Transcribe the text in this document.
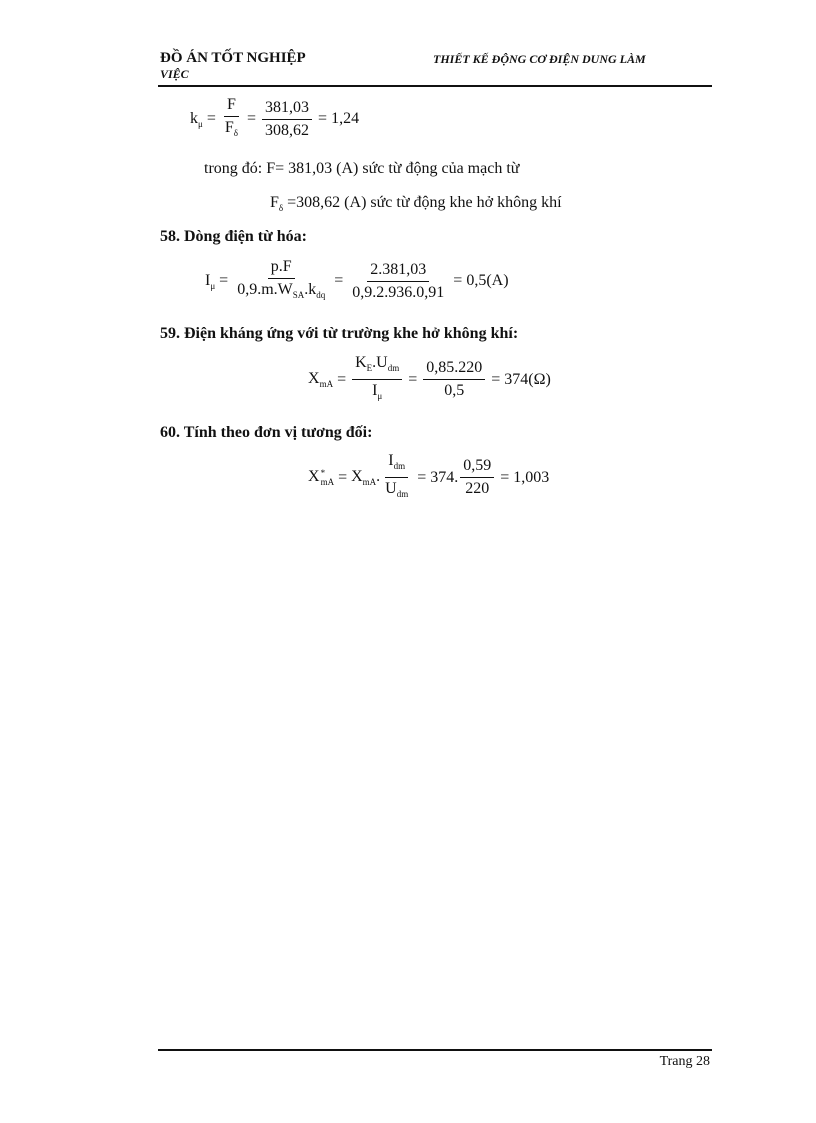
ĐỒ ÁN TỐT NGHIỆP
VIỆC
THIẾT KẾ ĐỘNG CƠ ĐIỆN DUNG LÀM
$k_\mu = \frac{F}{F_\delta} = \frac{381,03}{308,62} = 1,24$
trong đó: F= 381,03 (A) sức từ động của mạch từ
$F_\delta =308,62$ (A) sức từ động khe hở không khí
58. Dòng điện từ hóa:
$I_\mu = \frac{p.F}{0,9.m.W_{SA}.k_{dq}} = \frac{2.381,03}{0,9.2.936.0,91} = 0,5(A)$
59. Điện kháng ứng với từ trường khe hở không khí:
$X_{mA} = \frac{K_E.U_{dm}}{I_\mu} = \frac{0,85.220}{0,5} = 374(\Omega)$
60. Tính theo đơn vị tương đối:
X *
mA = $X_{mA}$. $\frac{I_{dm}}{U_{dm}} = 374$. $\frac{0,59}{220} = 1,003$
Trang 28
